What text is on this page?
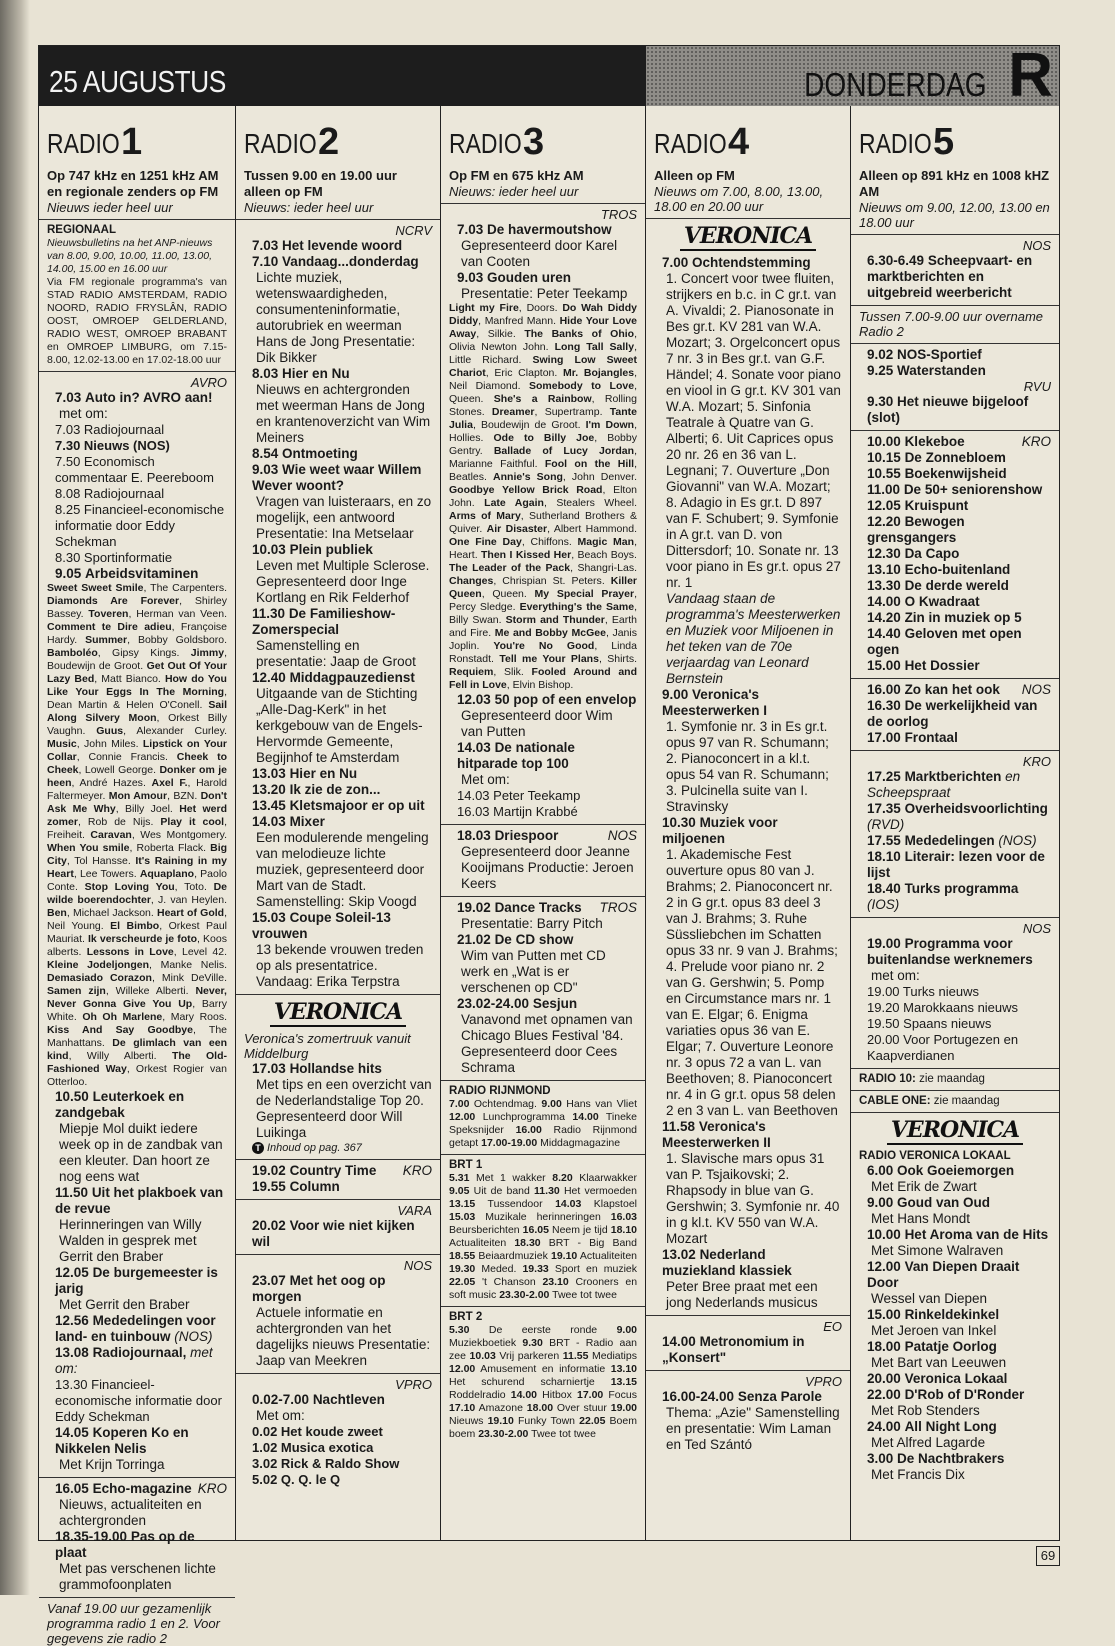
25 AUGUSTUS	DONDERDAG R
RADIO 1
Op 747 kHz en 1251 kHz AM en regionale zenders op FM
Nieuws ieder heel uur
REGIONAAL
Nieuwsbulletins na het ANP-nieuws van 8.00, 9.00, 10.00, 11.00, 13.00, 14.00, 15.00 en 16.00 uur
Via FM regionale programma's van STAD RADIO AMSTERDAM, RADIO NOORD, RADIO FRYSLÂN, RADIO OOST, OMROEP GELDERLAND, RADIO WEST, OMROEP BRABANT en OMROEP LIMBURG, om 7.15-8.00, 12.02-13.00 en 17.02-18.00 uur
AVRO
7.03 Auto in? AVRO aan!
met om:
7.03 Radiojournaal
7.30 Nieuws (NOS)
7.50 Economisch commentaar E. Peereboom
8.08 Radiojournaal
8.25 Financieel-economische informatie door Eddy Schekman
8.30 Sportinformatie
9.05 Arbeidsvitaminen
Sweet Sweet Smile, The Carpenters. Diamonds Are Forever, Shirley Bassey. Toveren, Herman van Veen. Comment te Dire adieu, Françoise Hardy. Summer, Bobby Goldsboro. Bamboléo, Gipsy Kings. Jimmy, Boudewijn de Groot. Get Out Of Your Lazy Bed, Matt Bianco. How do You Like Your Eggs In The Morning, Dean Martin & Helen O'Conell. Sail Along Silvery Moon, Orkest Billy Vaughn. Guus, Alexander Curley. Music, John Miles. Lipstick on Your Collar, Connie Francis. Cheek to Cheek, Lowell George. Donker om je heen, André Hazes. Axel F., Harold Faltermeyer. Mon Amour, BZN. Don't Ask Me Why, Billy Joel. Het werd zomer, Rob de Nijs. Play it cool, Freiheit. Caravan, Wes Montgomery. When You smile, Roberta Flack. Big City, Tol Hansse. It's Raining in my Heart, Lee Towers. Aquaplano, Paolo Conte. Stop Loving You, Toto. De wilde boerendochter, J. van Heylen. Ben, Michael Jackson. Heart of Gold, Neil Young. El Bimbo, Orkest Paul Mauriat. Ik verscheurde je foto, Koos alberts. Lessons in Love, Level 42. Kleine Jodeljongen, Manke Nelis. Demasiado Corazon, Mink DeVille. Samen zijn, Willeke Alberti. Never, Never Gonna Give You Up, Barry White. Oh Oh Marlene, Mary Roos. Kiss And Say Goodbye, The Manhattans. De glimlach van een kind, Willy Alberti. The Old-Fashioned Way, Orkest Rogier van Otterloo.
10.50 Leuterkoek en zandgebak
Miepje Mol duikt iedere week op in de zandbak van een kleuter. Dan hoort ze nog eens wat
11.50 Uit het plakboek van de revue
Herinneringen van Willy Walden in gesprek met Gerrit den Braber
12.05 De burgemeester is jarig
Met Gerrit den Braber
12.56 Mededelingen voor land- en tuinbouw (NOS)
13.08 Radiojournaal, met om:
13.30 Financieel-economische informatie door Eddy Schekman
14.05 Koperen Ko en Nikkelen Nelis
Met Krijn Torringa
KRO
16.05 Echo-magazine
Nieuws, actualiteiten en achtergronden
18.35-19.00 Pas op de plaat
Met pas verschenen lichte grammofoonplaten
Vanaf 19.00 uur gezamenlijk programma radio 1 en 2. Voor gegevens zie radio 2
RADIO 2
Tussen 9.00 en 19.00 uur alleen op FM
Nieuws: ieder heel uur
NCRV
7.03 Het levende woord
7.10 Vandaag...donderdag
Lichte muziek, wetenswaardigheden, consumenteninformatie, autorubriek en weerman Hans de Jong Presentatie: Dik Bikker
8.03 Hier en Nu
Nieuws en achtergronden met weerman Hans de Jong en krantenoverzicht van Wim Meiners
8.54 Ontmoeting
9.03 Wie weet waar Willem Wever woont?
Vragen van luisteraars, en zo mogelijk, een antwoord Presentatie: Ina Metselaar
10.03 Plein publiek
Leven met Multiple Sclerose. Gepresenteerd door Inge Kortlang en Rik Felderhof
11.30 De Familieshow-Zomerspecial
Samenstelling en presentatie: Jaap de Groot
12.40 Middagpauzedienst
Uitgaande van de Stichting „Alle-Dag-Kerk" in het kerkgebouw van de Engels-Hervormde Gemeente, Begijnhof te Amsterdam
13.03 Hier en Nu
13.20 Ik zie de zon...
13.45 Kletsmajoor er op uit
14.03 Mixer
Een modulerende mengeling van melodieuze lichte muziek, gepresenteerd door Mart van de Stadt. Samenstelling: Skip Voogd
15.03 Coupe Soleil-13 vrouwen
13 bekende vrouwen treden op als presentatrice. Vandaag: Erika Terpstra
VERONICA
Veronica's zomertruuk vanuit Middelburg
17.03 Hollandse hits
Met tips en een overzicht van de Nederlandstalige Top 20. Gepresenteerd door Will Luikinga
T Inhoud op pag. 367
KRO
19.02 Country Time
19.55 Column
VARA
20.02 Voor wie niet kijken wil
NOS
23.07 Met het oog op morgen
Actuele informatie en achtergronden van het dagelijks nieuws Presentatie: Jaap van Meekren
VPRO
0.02-7.00 Nachtleven
Met om:
0.02 Het koude zweet
1.02 Musica exotica
3.02 Rick & Raldo Show
5.02 Q. Q. le Q
RADIO 3
Op FM en 675 kHz AM
Nieuws: ieder heel uur
TROS
7.03 De havermoutshow
Gepresenteerd door Karel van Cooten
9.03 Gouden uren
Presentatie: Peter Teekamp
Light my Fire, Doors. Do Wah Diddy Diddy, Manfred Mann. Hide Your Love Away, Silkie. The Banks of Ohio, Olivia Newton John. Long Tall Sally, Little Richard. Swing Low Sweet Chariot, Eric Clapton. Mr. Bojangles, Neil Diamond. Somebody to Love, Queen. She's a Rainbow, Rolling Stones. Dreamer, Supertramp. Tante Julia, Boudewijn de Groot. I'm Down, Hollies. Ode to Billy Joe, Bobby Gentry. Ballade of Lucy Jordan, Marianne Faithful. Fool on the Hill, Beatles. Annie's Song, John Denver. Goodbye Yellow Brick Road, Elton John. Late Again, Stealers Wheel. Arms of Mary, Sutherland Brothers & Quiver. Air Disaster, Albert Hammond. One Fine Day, Chiffons. Magic Man, Heart. Then I Kissed Her, Beach Boys. The Leader of the Pack, Shangri-Las. Changes, Chrispian St. Peters. Killer Queen, Queen. My Special Prayer, Percy Sledge. Everything's the Same, Billy Swan. Storm and Thunder, Earth and Fire. Me and Bobby McGee, Janis Joplin. You're No Good, Linda Ronstadt. Tell me Your Plans, Shirts. Requiem, Slik. Fooled Around and Fell in Love, Elvin Bishop.
12.03 50 pop of een envelop
Gepresenteerd door Wim van Putten
14.03 De nationale hitparade top 100
Met om:
14.03 Peter Teekamp
16.03 Martijn Krabbé
NOS
18.03 Driespoor
Gepresenteerd door Jeanne Kooijmans Productie: Jeroen Keers
TROS
19.02 Dance Tracks
Presentatie: Barry Pitch
21.02 De CD show
Wim van Putten met CD werk en „Wat is er verschenen op CD"
23.02-24.00 Sesjun
Vanavond met opnamen van Chicago Blues Festival '84. Gepresenteerd door Cees Schrama
RADIO RIJNMOND
7.00 Ochtendmag. 9.00 Hans van Vliet 12.00 Lunchprogramma 14.00 Tineke Speksnijder 16.00 Radio Rijnmond getapt 17.00-19.00 Middagmagazine
BRT 1
5.31 Met 1 wakker 8.20 Klaarwakker 9.05 Uit de band 11.30 Het vermoeden 13.15 Tussendoor 14.03 Klapstoel 15.03 Muzikale herinneringen 16.03 Beursberichten 16.05 Neem je tijd 18.10 Actualiteiten 18.30 BRT - Big Band 18.55 Beiaardmuziek 19.10 Actualiteiten 19.30 Meded. 19.33 Sport en muziek 22.05 't Chanson 23.10 Crooners en soft music 23.30-2.00 Twee tot twee
BRT 2
5.30 De eerste ronde 9.00 Muziekboetiek 9.30 BRT - Radio aan zee 10.03 Vrij parkeren 11.55 Mediatips 12.00 Amusement en informatie 13.10 Het schurend scharniertje 13.15 Roddelradio 14.00 Hitbox 17.00 Focus 17.10 Amazone 18.00 Over stuur 19.00 Nieuws 19.10 Funky Town 22.05 Boem boem 23.30-2.00 Twee tot twee
RADIO 4
Alleen op FM
Nieuws om 7.00, 8.00, 13.00, 18.00 en 20.00 uur
VERONICA
7.00 Ochtendstemming
1. Concert voor twee fluiten, strijkers en b.c. in C gr.t. van A. Vivaldi; 2. Pianosonate in Bes gr.t. KV 281 van W.A. Mozart; 3. Orgelconcert opus 7 nr. 3 in Bes gr.t. van G.F. Händel; 4. Sonate voor piano en viool in G gr.t. KV 301 van W.A. Mozart; 5. Sinfonia Teatrale à Quatre van G. Alberti; 6. Uit Caprices opus 20 nr. 26 en 36 van L. Legnani; 7. Ouverture „Don Giovanni" van W.A. Mozart; 8. Adagio in Es gr.t. D 897 van F. Schubert; 9. Symfonie in A gr.t. van D. von Dittersdorf; 10. Sonate nr. 13 voor piano in Es gr.t. opus 27 nr. 1
Vandaag staan de programma's Meesterwerken en Muziek voor Miljoenen in het teken van de 70e verjaardag van Leonard Bernstein
9.00 Veronica's Meesterwerken I
1. Symfonie nr. 3 in Es gr.t. opus 97 van R. Schumann; 2. Pianoconcert in a kl.t. opus 54 van R. Schumann; 3. Pulcinella suite van I. Stravinsky
10.30 Muziek voor miljoenen
1. Akademische Fest ouverture opus 80 van J. Brahms; 2. Pianoconcert nr. 2 in G gr.t. opus 83 deel 3 van J. Brahms; 3. Ruhe Süssliebchen im Schatten opus 33 nr. 9 van J. Brahms; 4. Prelude voor piano nr. 2 van G. Gershwin; 5. Pomp en Circumstance mars nr. 1 van E. Elgar; 6. Enigma variaties opus 36 van E. Elgar; 7. Ouverture Leonore nr. 3 opus 72 a van L. van Beethoven; 8. Pianoconcert nr. 4 in G gr.t. opus 58 delen 2 en 3 van L. van Beethoven
11.58 Veronica's Meesterwerken II
1. Slavische mars opus 31 van P. Tsjaikovski; 2. Rhapsody in blue van G. Gershwin; 3. Symfonie nr. 40 in g kl.t. KV 550 van W.A. Mozart
13.02 Nederland muziekland klassiek
Peter Bree praat met een jong Nederlands musicus
EO
14.00 Metronomium in „Konsert"
VPRO
16.00-24.00 Senza Parole
Thema: „Azie" Samenstelling en presentatie: Wim Laman en Ted Szántó
RADIO 5
Alleen op 891 kHz en 1008 kHZ AM
Nieuws om 9.00, 12.00, 13.00 en 18.00 uur
NOS
6.30-6.49 Scheepvaart- en marktberichten en uitgebreid weerbericht
Tussen 7.00-9.00 uur overname Radio 2
9.02 NOS-Sportief
9.25 Waterstanden
RVU
9.30 Het nieuwe bijgeloof (slot)
KRO
10.00 Klekeboe
10.15 De Zonnebloem
10.55 Boekenwijsheid
11.00 De 50+ seniorenshow
12.05 Kruispunt
12.20 Bewogen grensgangers
12.30 Da Capo
13.10 Echo-buitenland
13.30 De derde wereld
14.00 O Kwadraat
14.20 Zin in muziek op 5
14.40 Geloven met open ogen
15.00 Het Dossier
NOS
16.00 Zo kan het ook
16.30 De werkelijkheid van de oorlog
17.00 Frontaal
KRO
17.25 Marktberichten en Scheepspraat
17.35 Overheidsvoorlichting (RVD)
17.55 Mededelingen (NOS)
18.10 Literair: lezen voor de lijst
18.40 Turks programma (IOS)
NOS
19.00 Programma voor buitenlandse werknemers
met om:
19.00 Turks nieuws
19.20 Marokkaans nieuws
19.50 Spaans nieuws
20.00 Voor Portugezen en Kaapverdianen
RADIO 10: zie maandag
CABLE ONE: zie maandag
VERONICA
RADIO VERONICA LOKAAL
6.00 Ook Goeiemorgen
Met Erik de Zwart
9.00 Goud van Oud
Met Hans Mondt
10.00 Het Aroma van de Hits
Met Simone Walraven
12.00 Van Diepen Draait Door
Wessel van Diepen
15.00 Rinkeldekinkel
Met Jeroen van Inkel
18.00 Patatje Oorlog
Met Bart van Leeuwen
20.00 Veronica Lokaal
22.00 D'Rob of D'Ronder
Met Rob Stenders
24.00 All Night Long
Met Alfred Lagarde
3.00 De Nachtbrakers
Met Francis Dix
69
